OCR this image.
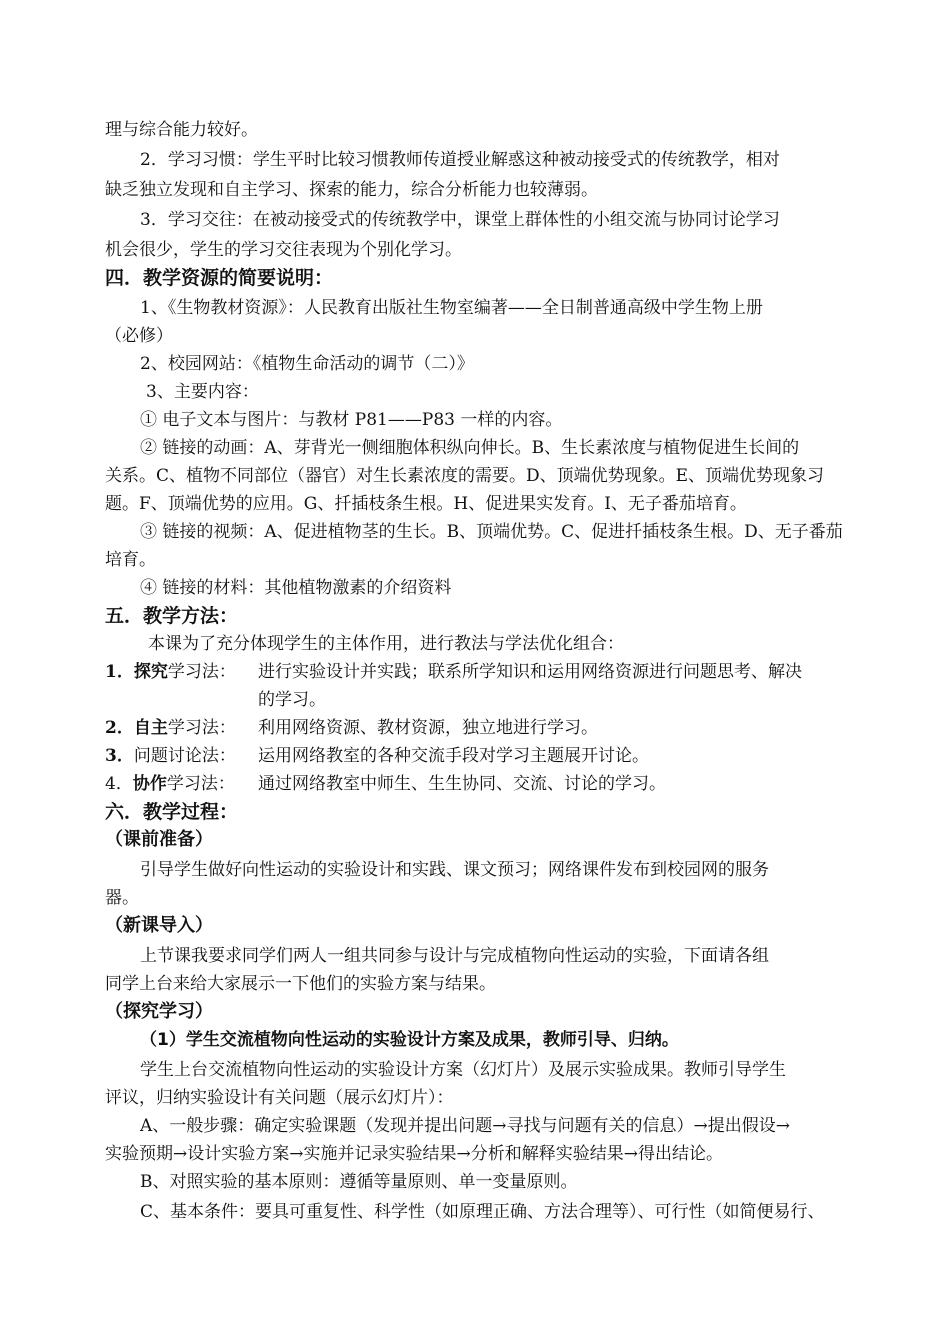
理与综合能力较好。
2．学习习惯：学生平时比较习惯教师传道授业解惑这种被动接受式的传统教学，相对
缺乏独立发现和自主学习、探索的能力，综合分析能力也较薄弱。
3．学习交往：在被动接受式的传统教学中，课堂上群体性的小组交流与协同讨论学习
机会很少，学生的学习交往表现为个别化学习。
四．教学资源的简要说明：
1、《生物教材资源》：人民教育出版社生物室编著——全日制普通高级中学生物上册
（必修）
2、校园网站：《植物生命活动的调节（二）》
3、主要内容：
① 电子文本与图片：与教材 P81——P83 一样的内容。
② 链接的动画：A、芽背光一侧细胞体积纵向伸长。B、生长素浓度与植物促进生长间的
关系。C、植物不同部位（器官）对生长素浓度的需要。D、顶端优势现象。E、顶端优势现象习
题。F、顶端优势的应用。G、扦插枝条生根。H、促进果实发育。I、无子番茄培育。
③ 链接的视频：A、促进植物茎的生长。B、顶端优势。C、促进扦插枝条生根。D、无子番茄
培育。
④ 链接的材料：其他植物激素的介绍资料
五．教学方法：
本课为了充分体现学生的主体作用，进行教法与学法优化组合：
1．探究学习法： 进行实验设计并实践；联系所学知识和运用网络资源进行问题思考、解决
的学习。
2．自主学习法： 利用网络资源、教材资源，独立地进行学习。
3．问题讨论法： 运用网络教室的各种交流手段对学习主题展开讨论。
4．协作学习法： 通过网络教室中师生、生生协同、交流、讨论的学习。
六．教学过程：
（课前准备）
引导学生做好向性运动的实验设计和实践、课文预习；网络课件发布到校园网的服务
器。
（新课导入）
上节课我要求同学们两人一组共同参与设计与完成植物向性运动的实验，下面请各组
同学上台来给大家展示一下他们的实验方案与结果。
（探究学习）
（1）学生交流植物向性运动的实验设计方案及成果，教师引导、归纳。
学生上台交流植物向性运动的实验设计方案（幻灯片）及展示实验成果。教师引导学生
评议，归纳实验设计有关问题（展示幻灯片）：
A、一般步骤：确定实验课题（发现并提出问题→寻找与问题有关的信息）→提出假设→
实验预期→设计实验方案→实施并记录实验结果→分析和解释实验结果→得出结论。
B、对照实验的基本原则：遵循等量原则、单一变量原则。
C、基本条件：要具可重复性、科学性（如原理正确、方法合理等）、可行性（如简便易行、
